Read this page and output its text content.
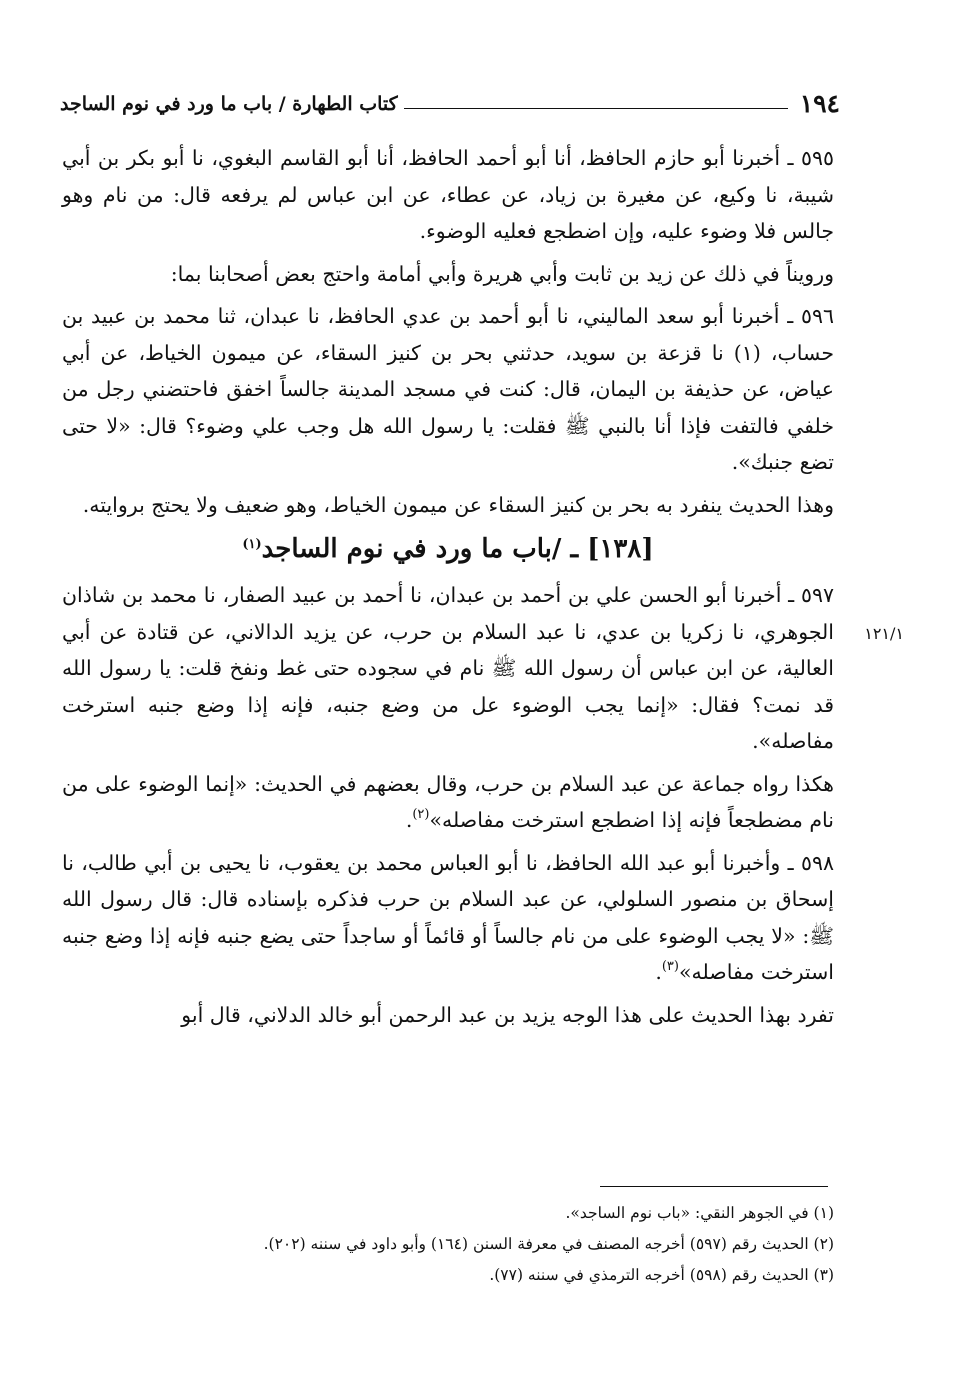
١٩٤
كتاب الطهارة / باب ما ورد في نوم الساجد
١٢١/١

٥٩٥ ـ أخبرنا أبو حازم الحافظ، أنا أبو أحمد الحافظ، أنا أبو القاسم البغوي، نا أبو بكر بن أبي شيبة، نا وكيع، عن مغيرة بن زياد، عن عطاء، عن ابن عباس لم يرفعه قال: من نام وهو جالس فلا وضوء عليه، وإن اضطجع فعليه الوضوء.

ورويناً في ذلك عن زيد بن ثابت وأبي هريرة وأبي أمامة واحتج بعض أصحابنا بما:

٥٩٦ ـ أخبرنا أبو سعد الماليني، نا أبو أحمد بن عدي الحافظ، نا عبدان، ثنا محمد بن عبيد بن حساب، (١) نا قزعة بن سويد، حدثني بحر بن كنيز السقاء، عن ميمون الخياط، عن أبي عياض، عن حذيفة بن اليمان، قال: كنت في مسجد المدينة جالساً اخفق فاحتضني رجل من خلفي فالتفت فإذا أنا بالنبي ﷺ فقلت: يا رسول الله هل وجب علي وضوء؟ قال: «لا حتى تضع جنبك».

وهذا الحديث ينفرد به بحر بن كنيز السقاء عن ميمون الخياط، وهو ضعيف ولا يحتج بروايته.

[١٣٨] ـ /باب ما ورد في نوم الساجد$^{(١)}$

٥٩٧ ـ أخبرنا أبو الحسن علي بن أحمد بن عبدان، نا أحمد بن عبيد الصفار، نا محمد بن شاذان الجوهري، نا زكريا بن عدي، نا عبد السلام بن حرب، عن يزيد الدالاني، عن قتادة عن أبي العالية، عن ابن عباس أن رسول الله ﷺ نام في سجوده حتى غط ونفخ قلت: يا رسول الله قد نمت؟ فقال: «إنما يجب الوضوء عل من وضع جنبه، فإنه إذا وضع جنبه استرخت مفاصله».

هكذا رواه جماعة عن عبد السلام بن حرب، وقال بعضهم في الحديث: «إنما الوضوء على من نام مضطجعاً فإنه إذا اضطجع استرخت مفاصله»$^{(٢)}$.

٥٩٨ ـ وأخبرنا أبو عبد الله الحافظ، نا أبو العباس محمد بن يعقوب، نا يحيى بن أبي طالب، نا إسحاق بن منصور السلولي، عن عبد السلام بن حرب فذكره بإسناده قال: قال رسول الله ﷺ: «لا يجب الوضوء على من نام جالساً أو قائماً أو ساجداً حتى يضع جنبه فإنه إذا وضع جنبه استرخت مفاصله»$^{(٣)}$.

تفرد بهذا الحديث على هذا الوجه يزيد بن عبد الرحمن أبو خالد الدلاني، قال أبو

(١) في الجوهر النقي: «باب نوم الساجد».
(٢) الحديث رقم (٥٩٧) أخرجه المصنف في معرفة السنن (١٦٤) وأبو داود في سننه (٢٠٢).
(٣) الحديث رقم (٥٩٨) أخرجه الترمذي في سننه (٧٧).
